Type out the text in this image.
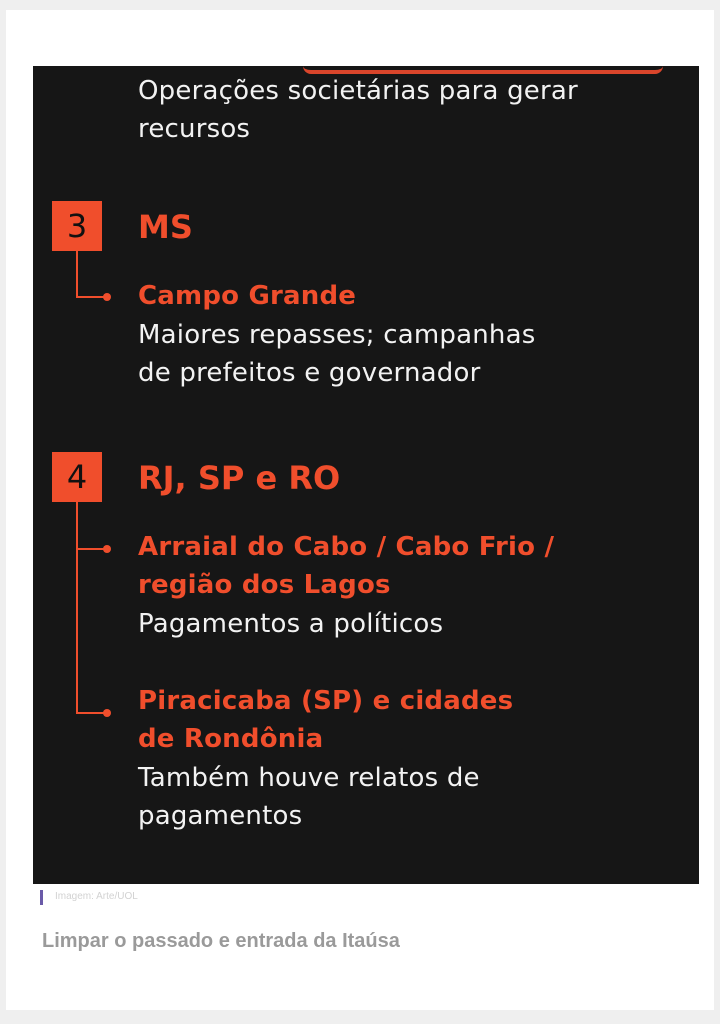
Operações societárias para gerar

recursos

3	MS

Campo Grande

Maiores repasses; campanhas

de prefeitos e governador

4	RJ, SP e RO

Arraial do Cabo / Cabo Frio /

região dos Lagos

Pagamentos a políticos

Piracicaba (SP) e cidades

de Rondônia

Também houve relatos de

pagamentos

Imagem: Arte/UOL
Limpar o passado e entrada da Itaúsa
